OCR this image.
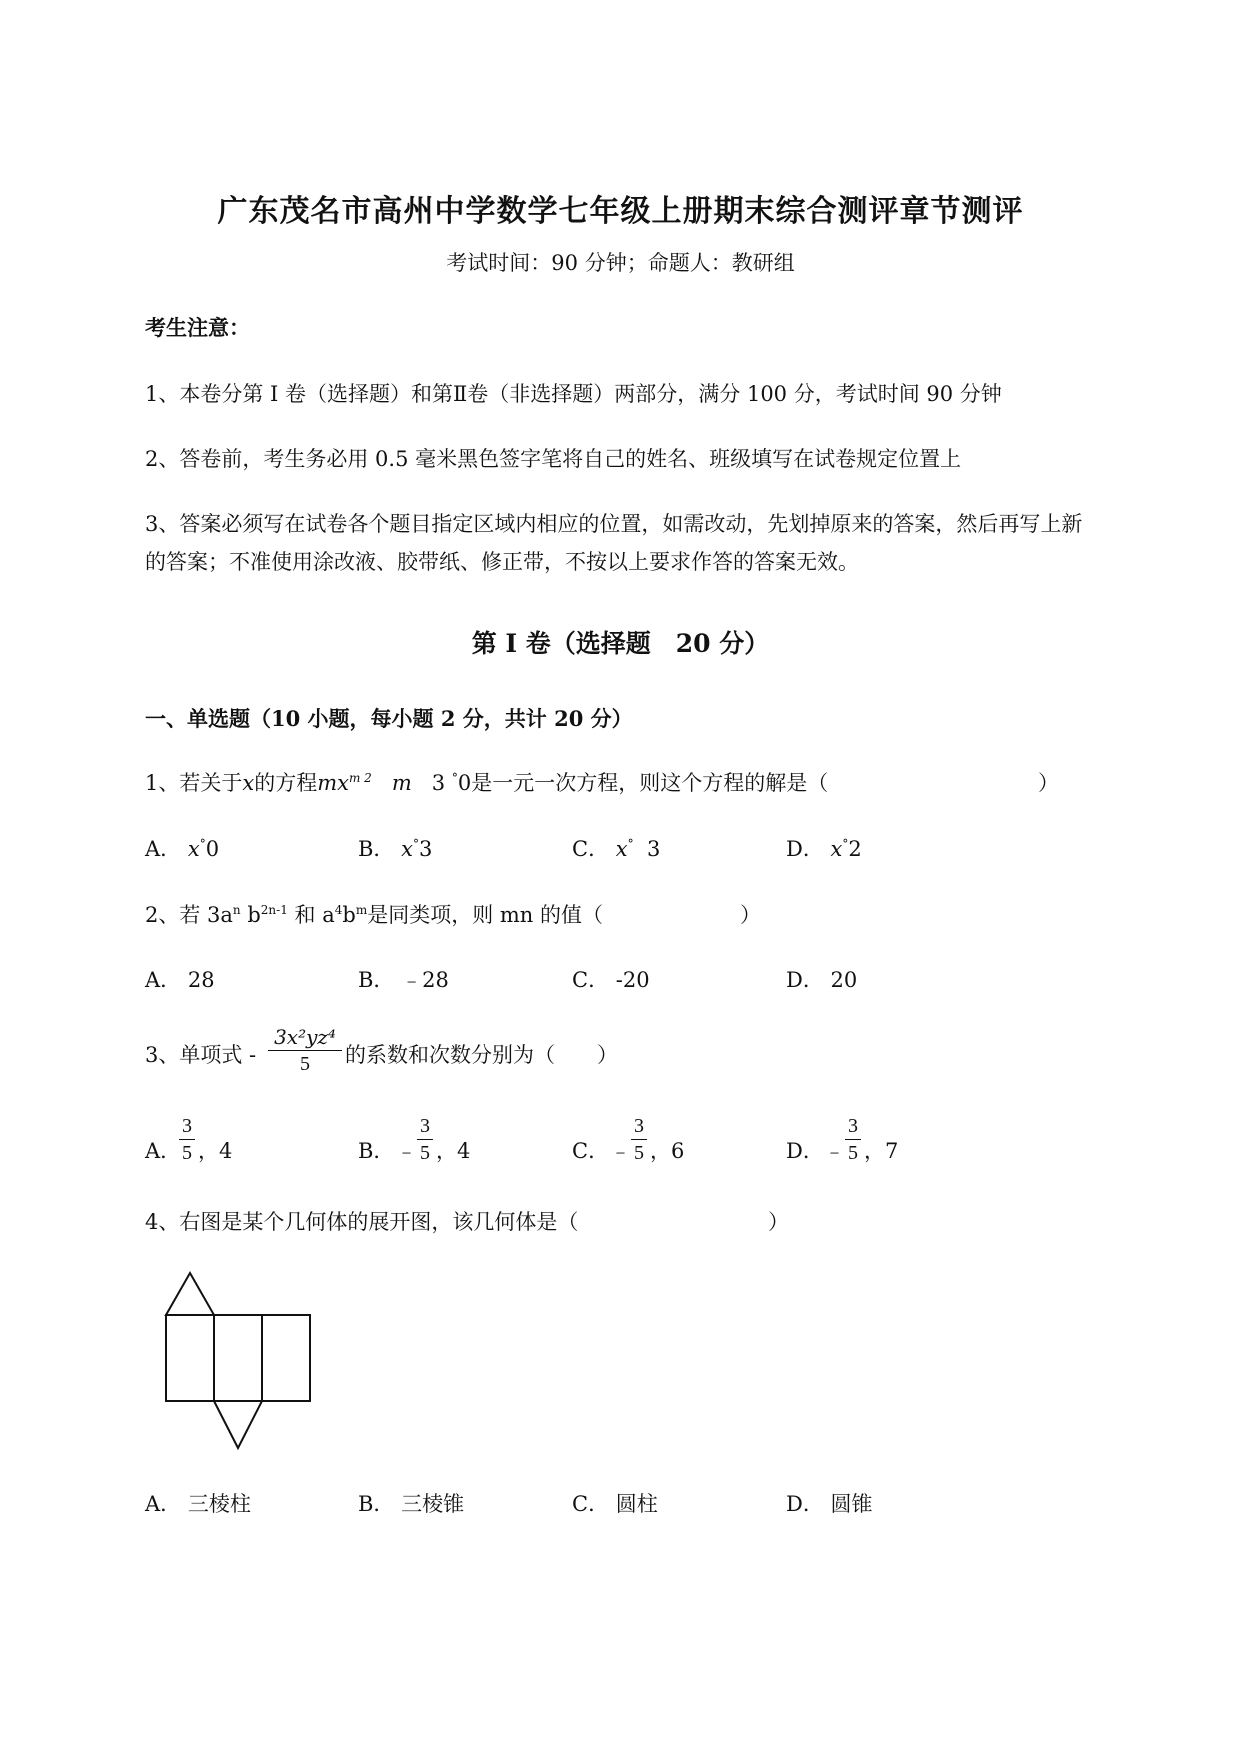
广东茂名市高州中学数学七年级上册期末综合测评章节测评
考试时间：90 分钟；命题人：教研组
考生注意：
1、本卷分第 I 卷（选择题）和第Ⅱ卷（非选择题）两部分，满分 100 分，考试时间 90 分钟
2、答卷前，考生务必用 0.5 毫米黑色签字笔将自己的姓名、班级填写在试卷规定位置上
3、答案必须写在试卷各个题目指定区域内相应的位置，如需改动，先划掉原来的答案，然后再写上新
的答案；不准使用涂改液、胶带纸、修正带，不按以上要求作答的答案无效。
第 I 卷（选择题　20 分）
一、单选题（10 小题，每小题 2 分，共计 20 分）
1、若关于x的方程$mx^{m 2}$ m 3 °0是一元一次方程，则这个方程的解是（	）
A． x°0	B． x°3	C． x° 3	D． x°2
2、若 $3a^n$ $b^{2n-1}$ 和 $a^4b^m$是同类项，则 mn 的值（	）
A． 28	B． ﹣28	C． -20	D． 20
3、单项式 -
3x²yz⁴
5	的系数和次数分别为（　　）
A．
3
5 ，4	B． ﹣
3
5 ，4	C． ﹣
3
5 ，6	D． ﹣
3
5 ，7
4、右图是某个几何体的展开图，该几何体是（	）
A． 三棱柱	B． 三棱锥	C． 圆柱	D． 圆锥
